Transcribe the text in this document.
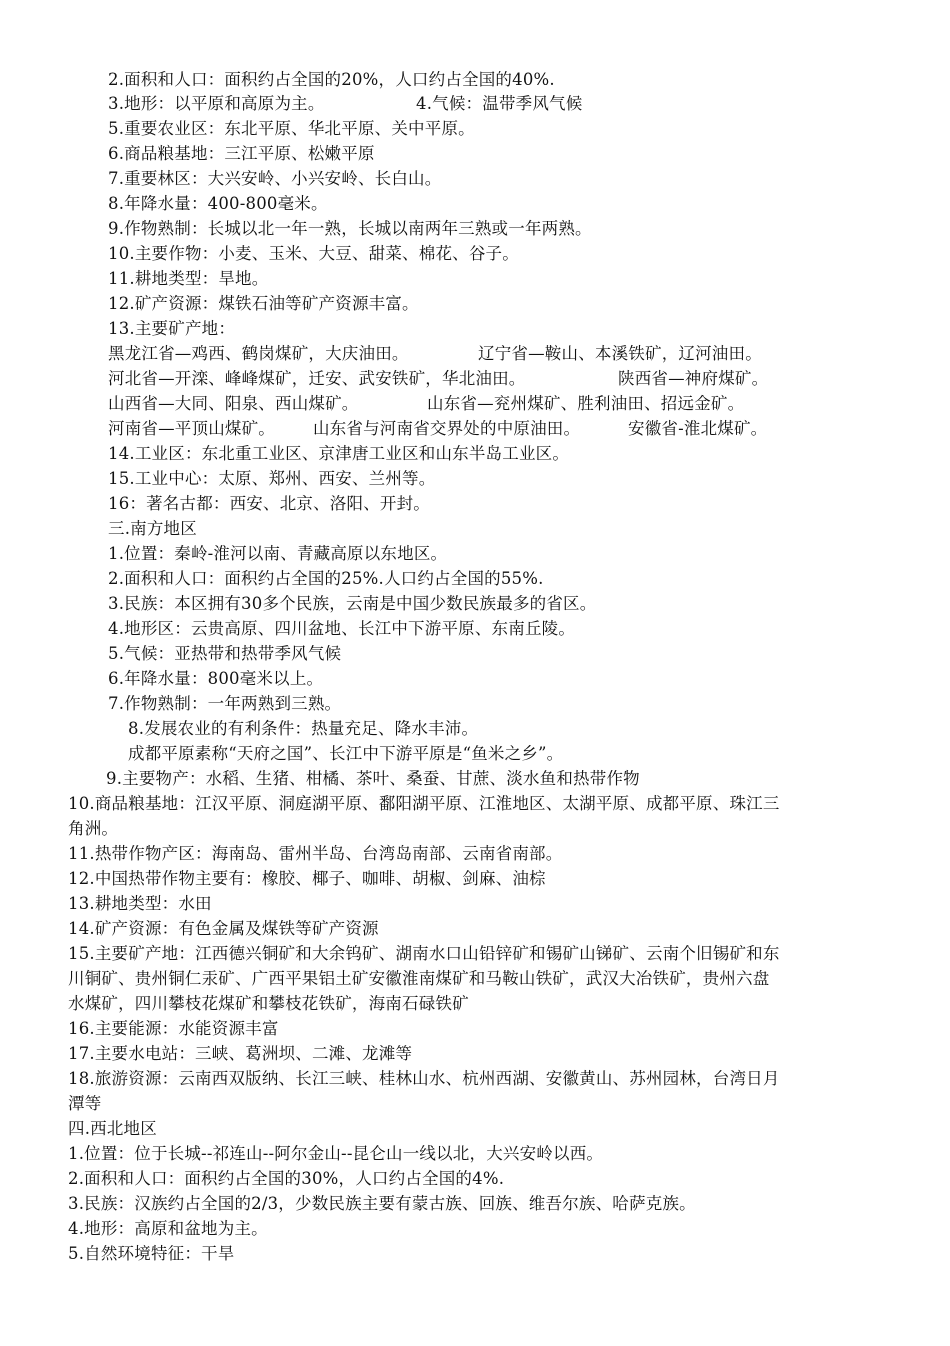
2.面积和人口：面积约占全国的20%，人口约占全国的40%.
3.地形：以平原和高原为主。	4.气候：温带季风气候
5.重要农业区：东北平原、华北平原、关中平原。
6.商品粮基地：三江平原、松嫩平原
7.重要林区：大兴安岭、小兴安岭、长白山。
8.年降水量：400-800毫米。
9.作物熟制：长城以北一年一熟，长城以南两年三熟或一年两熟。
10.主要作物：小麦、玉米、大豆、甜菜、棉花、谷子。
11.耕地类型：旱地。
12.矿产资源：煤铁石油等矿产资源丰富。
13.主要矿产地：
黑龙江省—鸡西、鹤岗煤矿，大庆油田。	辽宁省—鞍山、本溪铁矿，辽河油田。
河北省—开滦、峰峰煤矿，迁安、武安铁矿，华北油田。	陕西省—神府煤矿。
山西省—大同、阳泉、西山煤矿。	山东省—兖州煤矿、胜利油田、招远金矿。
河南省—平顶山煤矿。 山东省与河南省交界处的中原油田。	安徽省-淮北煤矿。
14.工业区：东北重工业区、京津唐工业区和山东半岛工业区。
15.工业中心：太原、郑州、西安、兰州等。
16：著名古都：西安、北京、洛阳、开封。
三.南方地区
1.位置：秦岭-淮河以南、青藏高原以东地区。
2.面积和人口：面积约占全国的25%.人口约占全国的55%.
3.民族：本区拥有30多个民族，云南是中国少数民族最多的省区。
4.地形区：云贵高原、四川盆地、长江中下游平原、东南丘陵。
5.气候：亚热带和热带季风气候
6.年降水量：800毫米以上。
7.作物熟制：一年两熟到三熟。
8.发展农业的有利条件：热量充足、降水丰沛。
成都平原素称“天府之国”、长江中下游平原是“鱼米之乡”。
9.主要物产：水稻、生猪、柑橘、茶叶、桑蚕、甘蔗、淡水鱼和热带作物
10.商品粮基地：江汉平原、洞庭湖平原、鄱阳湖平原、江淮地区、太湖平原、成都平原、珠江三
角洲。
11.热带作物产区：海南岛、雷州半岛、台湾岛南部、云南省南部。
12.中国热带作物主要有：橡胶、椰子、咖啡、胡椒、剑麻、油棕
13.耕地类型：水田
14.矿产资源：有色金属及煤铁等矿产资源
15.主要矿产地：江西德兴铜矿和大余钨矿、湖南水口山铅锌矿和锡矿山锑矿、云南个旧锡矿和东
川铜矿、贵州铜仁汞矿、广西平果铝土矿安徽淮南煤矿和马鞍山铁矿，武汉大冶铁矿，贵州六盘
水煤矿，四川攀枝花煤矿和攀枝花铁矿，海南石碌铁矿
16.主要能源：水能资源丰富
17.主要水电站：三峡、葛洲坝、二滩、龙滩等
18.旅游资源：云南西双版纳、长江三峡、桂林山水、杭州西湖、安徽黄山、苏州园林，台湾日月
潭等
四.西北地区
1.位置：位于长城--祁连山--阿尔金山--昆仑山一线以北，大兴安岭以西。
2.面积和人口：面积约占全国的30%，人口约占全国的4%.
3.民族：汉族约占全国的2/3，少数民族主要有蒙古族、回族、维吾尔族、哈萨克族。
4.地形：高原和盆地为主。
5.自然环境特征：干旱
